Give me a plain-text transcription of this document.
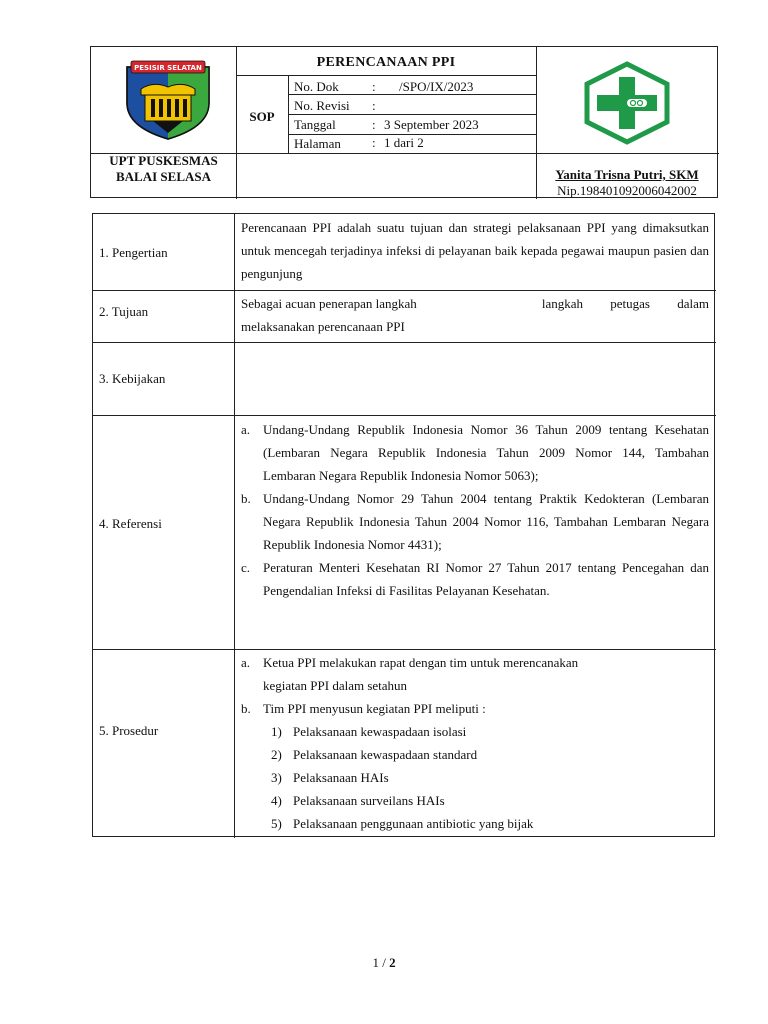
PESISIR SELATAN	PERENCANAAN PPI
SOP
No. Dok	: /SPO/IX/2023
No. Revisi :
Tanggal	: 3 September 2023
Halaman : 1 dari 2
UPT PUSKESMAS
BALAI SELASA	Yanita Trisna Putri, SKM
Nip.198401092006042002
1. Pengertian
Perencanaan PPI adalah suatu tujuan dan strategi pelaksanaan PPI yang dimaksutkan untuk mencegah terjadinya infeksi di pelayanan baik kepada pegawai maupun pasien dan pengunjung
2. Tujuan
Sebagai acuan penerapan langkah	langkah petugas dalam
melaksanakan perencanaan PPI
3. Kebijakan
4. Referensi
a. Undang-Undang Republik Indonesia Nomor 36 Tahun 2009 tentang Kesehatan (Lembaran Negara Republik Indonesia Tahun 2009 Nomor 144, Tambahan Lembaran Negara Republik Indonesia Nomor 5063);
b. Undang-Undang Nomor 29 Tahun 2004 tentang Praktik Kedokteran (Lembaran Negara Republik Indonesia Tahun 2004 Nomor 116, Tambahan Lembaran Negara Republik Indonesia Nomor 4431);
c. Peraturan Menteri Kesehatan RI Nomor 27 Tahun 2017 tentang Pencegahan dan Pengendalian Infeksi di Fasilitas Pelayanan Kesehatan.
5. Prosedur
a. Ketua PPI melakukan rapat dengan tim untuk merencanakan
kegiatan PPI dalam setahun
b. Tim PPI menyusun kegiatan PPI meliputi :
1) Pelaksanaan kewaspadaan isolasi
2) Pelaksanaan kewaspadaan standard
3) Pelaksanaan HAIs
4) Pelaksanaan surveilans HAIs
5) Pelaksanaan penggunaan antibiotic yang bijak
1 / 2
